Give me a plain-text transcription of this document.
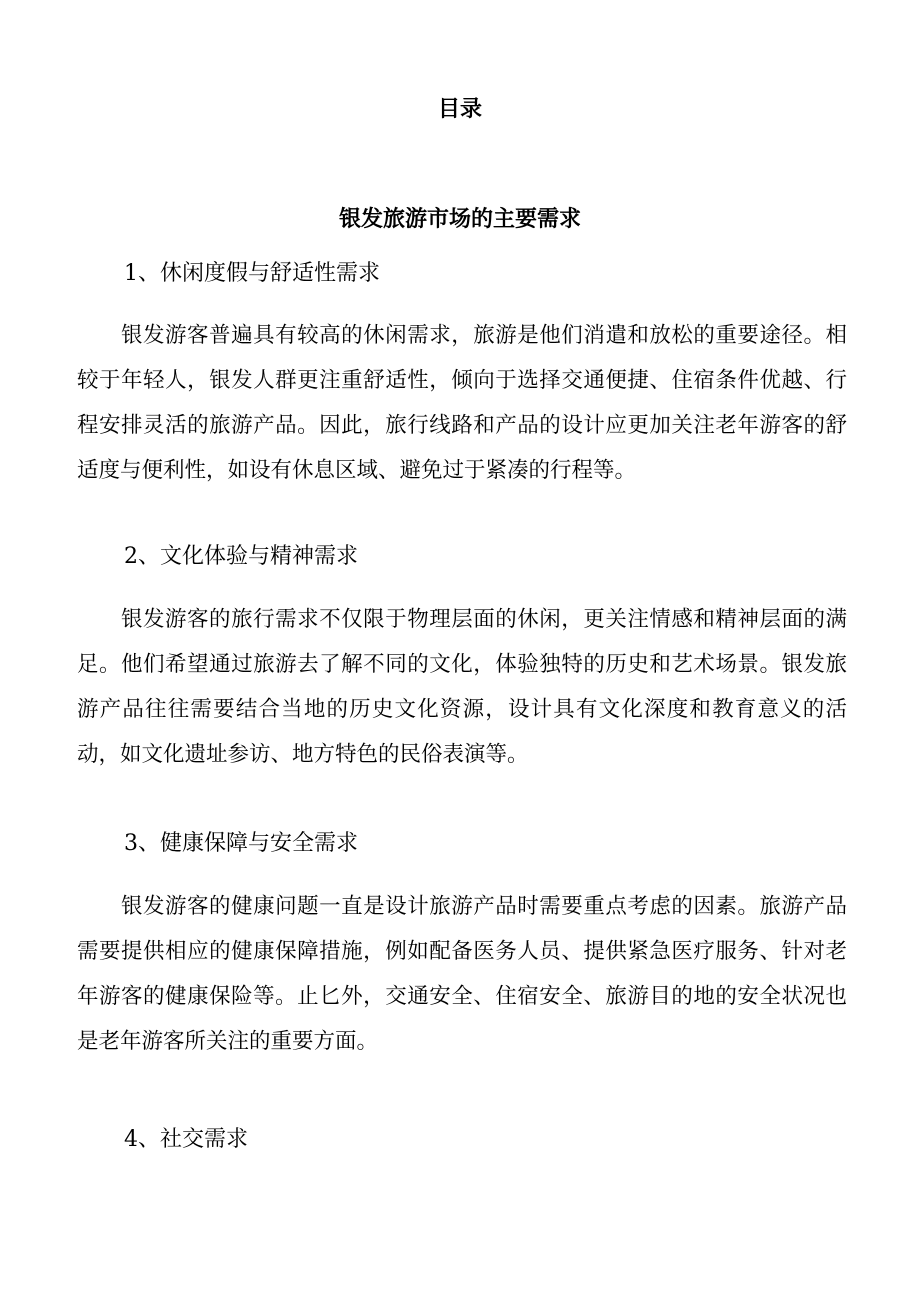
目录
银发旅游市场的主要需求
1、休闲度假与舒适性需求
银发游客普遍具有较高的休闲需求，旅游是他们消遣和放松的重要途径。相较于年轻人，银发人群更注重舒适性，倾向于选择交通便捷、住宿条件优越、行程安排灵活的旅游产品。因此，旅行线路和产品的设计应更加关注老年游客的舒适度与便利性，如设有休息区域、避免过于紧凑的行程等。
2、文化体验与精神需求
银发游客的旅行需求不仅限于物理层面的休闲，更关注情感和精神层面的满足。他们希望通过旅游去了解不同的文化，体验独特的历史和艺术场景。银发旅游产品往往需要结合当地的历史文化资源，设计具有文化深度和教育意义的活动，如文化遗址参访、地方特色的民俗表演等。
3、健康保障与安全需求
银发游客的健康问题一直是设计旅游产品时需要重点考虑的因素。旅游产品需要提供相应的健康保障措施，例如配备医务人员、提供紧急医疗服务、针对老年游客的健康保险等。止匕外，交通安全、住宿安全、旅游目的地的安全状况也是老年游客所关注的重要方面。
4、社交需求
